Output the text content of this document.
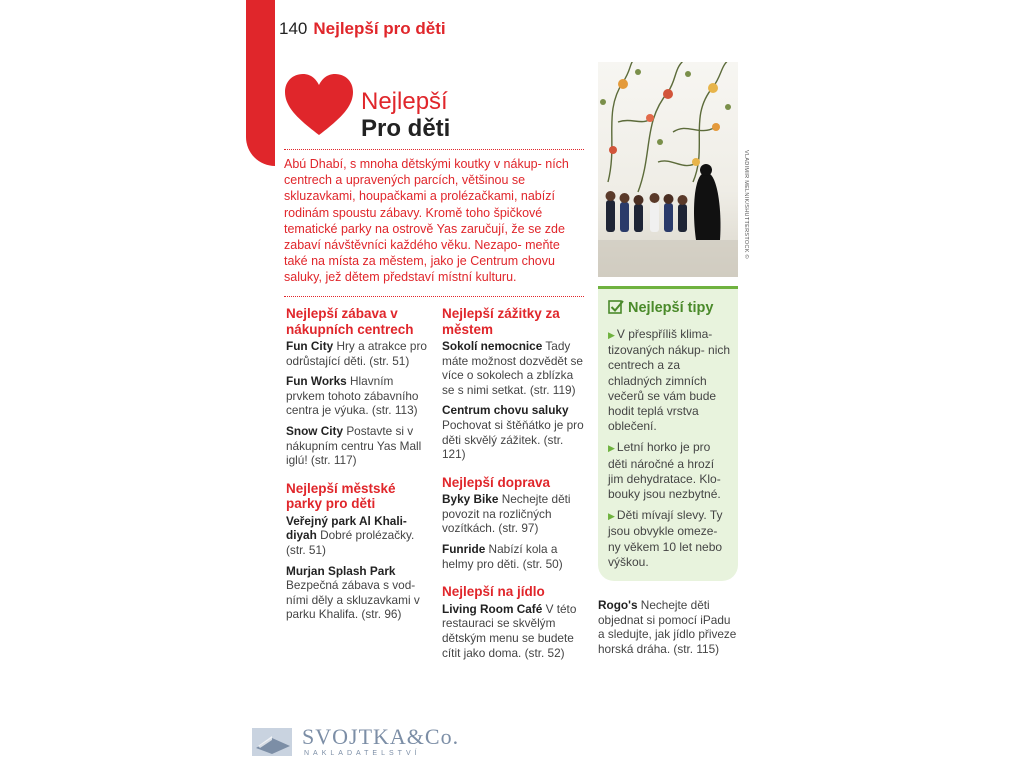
140 Nejlepší pro děti
Nejlepší
Pro děti
Abú Dhabí, s mnoha dětskými koutky v nákup- ních centrech a upravených parcích, většinou se skluzavkami, houpačkami a prolézačkami, nabízí rodinám spoustu zábavy. Kromě toho špičkové tematické parky na ostrově Yas zaručují, že se zde zabaví návštěvníci každého věku. Nezapo- meňte také na místa za městem, jako je Centrum chovu saluky, jež dětem představí místní kulturu.
Nejlepší zábava v nákupních centrech
Fun City Hry a atrakce pro odrůstající děti. (str. 51)
Fun Works Hlavním prvkem tohoto zábavního centra je výuka. (str. 113)
Snow City Postavte si v nákupním centru Yas Mall iglú! (str. 117)
Nejlepší městské parky pro děti
Veřejný park Al Khali- diyah Dobré prolézačky. (str. 51)
Murjan Splash Park Bezpečná zábava s vod- ními děly a skluzavkami v parku Khalifa. (str. 96)
Nejlepší zážitky za městem
Sokolí nemocnice Tady máte možnost dozvědět se více o sokolech a zblízka se s nimi setkat. (str. 119)
Centrum chovu saluky Pochovat si štěňátko je pro děti skvělý zážitek. (str. 121)
Nejlepší doprava
Byky Bike Nechejte děti povozit na rozličných vozítkách. (str. 97)
Funride Nabízí kola a helmy pro děti. (str. 50)
Nejlepší na jídlo
Living Room Café V této restauraci se skvělým dětským menu se budete cítit jako doma. (str. 52)
VLADIMIR MELNIK/SHUTTERSTOCK ©
Nejlepší tipy
▶ V přespříliš klima- tizovaných nákup- nich centrech a za chladných zimních večerů se vám bude hodit teplá vrstva oblečení.
▶ Letní horko je pro děti náročné a hrozí jim dehydratace. Klo- bouky jsou nezbytné.
▶ Děti mívají slevy. Ty jsou obvykle omeze- ny věkem 10 let nebo výškou.
Rogo's Nechejte děti objednat si pomocí iPadu a sledujte, jak jídlo přiveze horská dráha. (str. 115)
SVOJTKA&Co.
NAKLADATELSTVÍ
